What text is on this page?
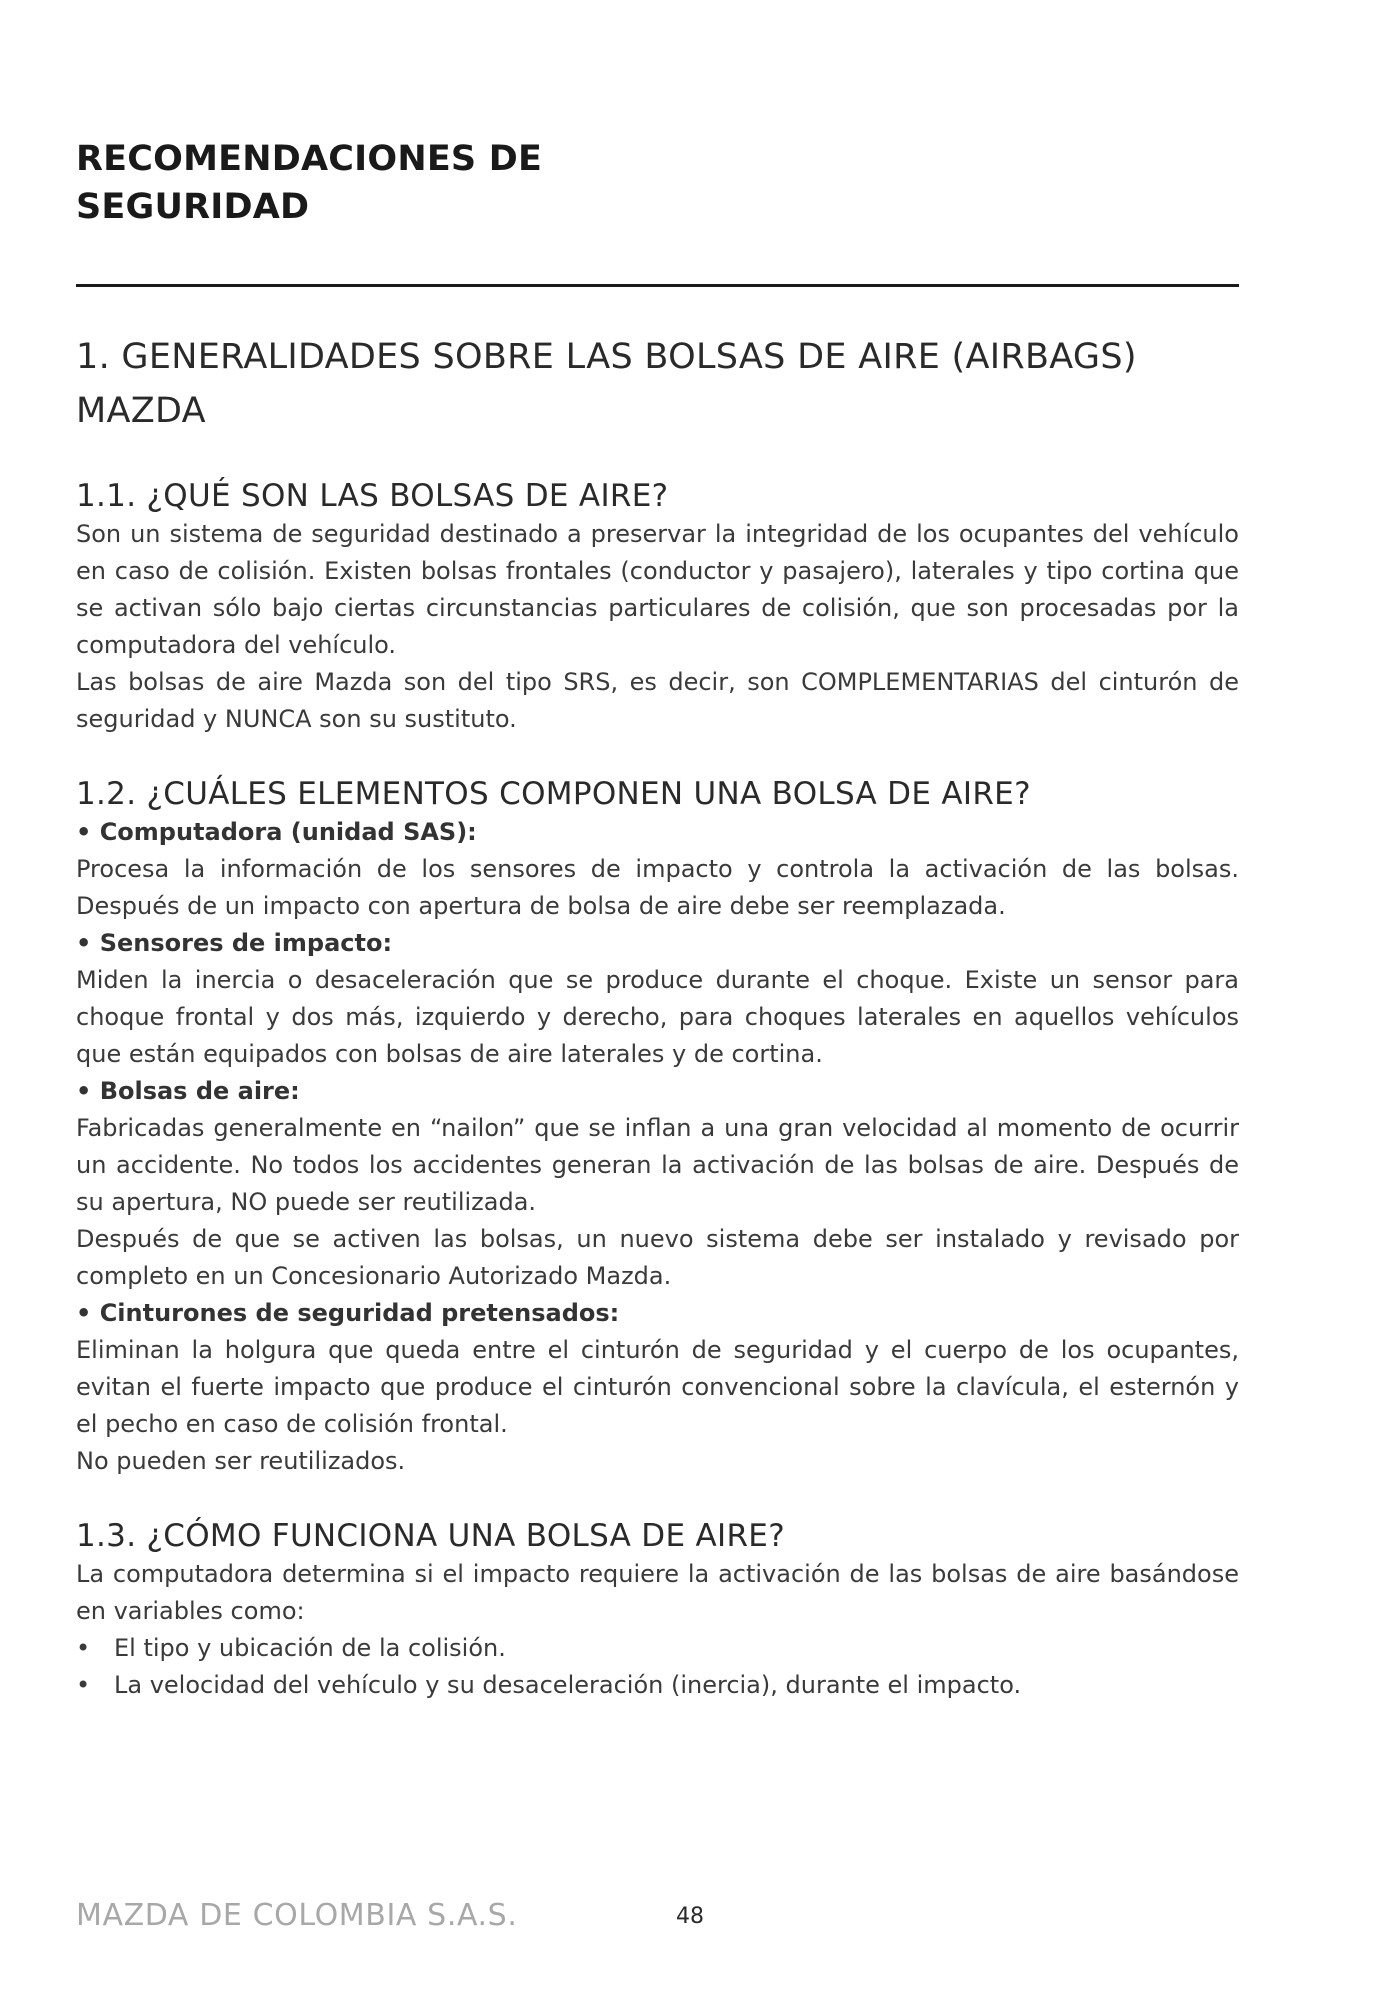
RECOMENDACIONES DE
SEGURIDAD
1. GENERALIDADES SOBRE LAS BOLSAS DE AIRE (AIRBAGS) MAZDA
1.1. ¿QUÉ SON LAS BOLSAS DE AIRE?

Son un sistema de seguridad destinado a preservar la integridad de los ocupantes del vehículo en caso de colisión. Existen bolsas frontales (conductor y pasajero), laterales y tipo cortina que se activan sólo bajo ciertas circunstancias particulares de colisión, que son procesadas por la computadora del vehículo.

Las bolsas de aire Mazda son del tipo SRS, es decir, son COMPLEMENTARIAS del cinturón de seguridad y NUNCA son su sustituto.

1.2. ¿CUÁLES ELEMENTOS COMPONEN UNA BOLSA DE AIRE?
• Computadora (unidad SAS):

Procesa la información de los sensores de impacto y controla la activación de las bolsas. Después de un impacto con apertura de bolsa de aire debe ser reemplazada.

• Sensores de impacto:

Miden la inercia o desaceleración que se produce durante el choque. Existe un sensor para choque frontal y dos más, izquierdo y derecho, para choques laterales en aquellos vehículos que están equipados con bolsas de aire laterales y de cortina.

• Bolsas de aire:

Fabricadas generalmente en “nailon” que se inflan a una gran velocidad al momento de ocurrir un accidente. No todos los accidentes generan la activación de las bolsas de aire. Después de su apertura, NO puede ser reutilizada.

Después de que se activen las bolsas, un nuevo sistema debe ser instalado y revisado por completo en un Concesionario Autorizado Mazda.

• Cinturones de seguridad pretensados:

Eliminan la holgura que queda entre el cinturón de seguridad y el cuerpo de los ocupantes, evitan el fuerte impacto que produce el cinturón convencional sobre la clavícula, el esternón y el pecho en caso de colisión frontal.

No pueden ser reutilizados.

1.3. ¿CÓMO FUNCIONA UNA BOLSA DE AIRE?

La computadora determina si el impacto requiere la activación de las bolsas de aire basándose en variables como:

• El tipo y ubicación de la colisión.
• La velocidad del vehículo y su desaceleración (inercia), durante el impacto.
MAZDA DE COLOMBIA S.A.S.	48
